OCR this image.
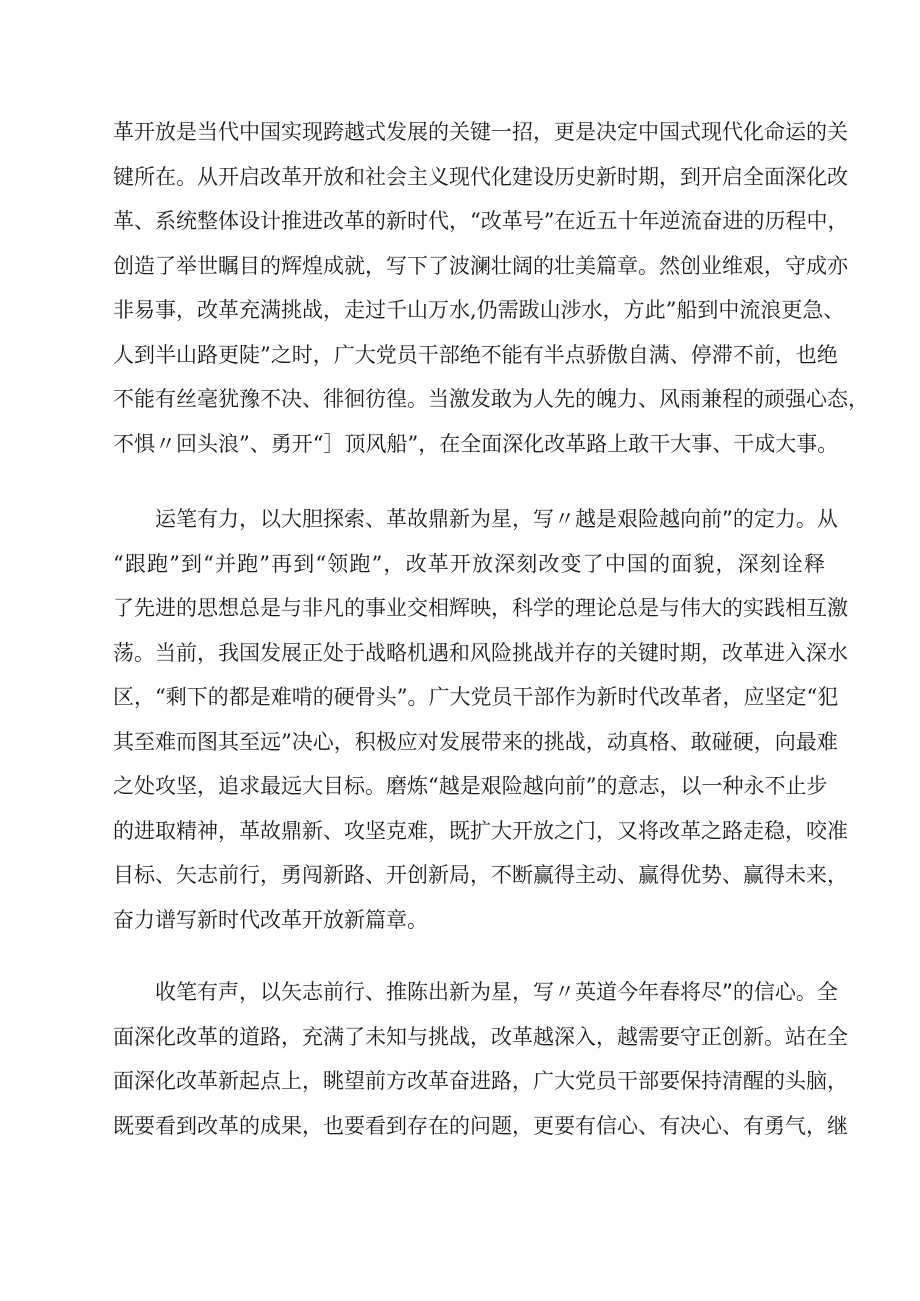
革开放是当代中国实现跨越式发展的关键一招，更是决定中国式现代化命运的关
键所在。从开启改革开放和社会主义现代化建设历史新时期，到开启全面深化改
革、系统整体设计推进改革的新时代，“改革号”在近五十年逆流奋进的历程中，
创造了举世瞩目的辉煌成就，写下了波澜壮阔的壮美篇章。然创业维艰，守成亦
非易事，改革充满挑战，走过千山万水,仍需跋山涉水，方此”船到中流浪更急、
人到半山路更陡”之时，广大党员干部绝不能有半点骄傲自满、停滞不前，也绝
不能有丝毫犹豫不决、徘徊彷徨。当激发敢为人先的魄力、风雨兼程的顽强心态，
不惧〃回头浪”、勇开“］顶风船”，在全面深化改革路上敢干大事、干成大事。
运笔有力，以大胆探索、革故鼎新为星，写〃越是艰险越向前”的定力。从
“跟跑”到“并跑”再到“领跑”，改革开放深刻改变了中国的面貌，深刻诠释
了先进的思想总是与非凡的事业交相辉映，科学的理论总是与伟大的实践相互激
荡。当前，我国发展正处于战略机遇和风险挑战并存的关键时期，改革进入深水
区，“剩下的都是难啃的硬骨头”。广大党员干部作为新时代改革者，应坚定“犯
其至难而图其至远”决心，积极应对发展带来的挑战，动真格、敢碰硬，向最难
之处攻坚，追求最远大目标。磨炼“越是艰险越向前”的意志，以一种永不止步
的进取精神，革故鼎新、攻坚克难，既扩大开放之门，又将改革之路走稳，咬准
目标、矢志前行，勇闯新路、开创新局，不断赢得主动、赢得优势、赢得未来，
奋力谱写新时代改革开放新篇章。
收笔有声，以矢志前行、推陈出新为星，写〃英道今年春将尽”的信心。全
面深化改革的道路，充满了未知与挑战，改革越深入，越需要守正创新。站在全
面深化改革新起点上，眺望前方改革奋进路，广大党员干部要保持清醒的头脑，
既要看到改革的成果，也要看到存在的问题，更要有信心、有决心、有勇气，继
